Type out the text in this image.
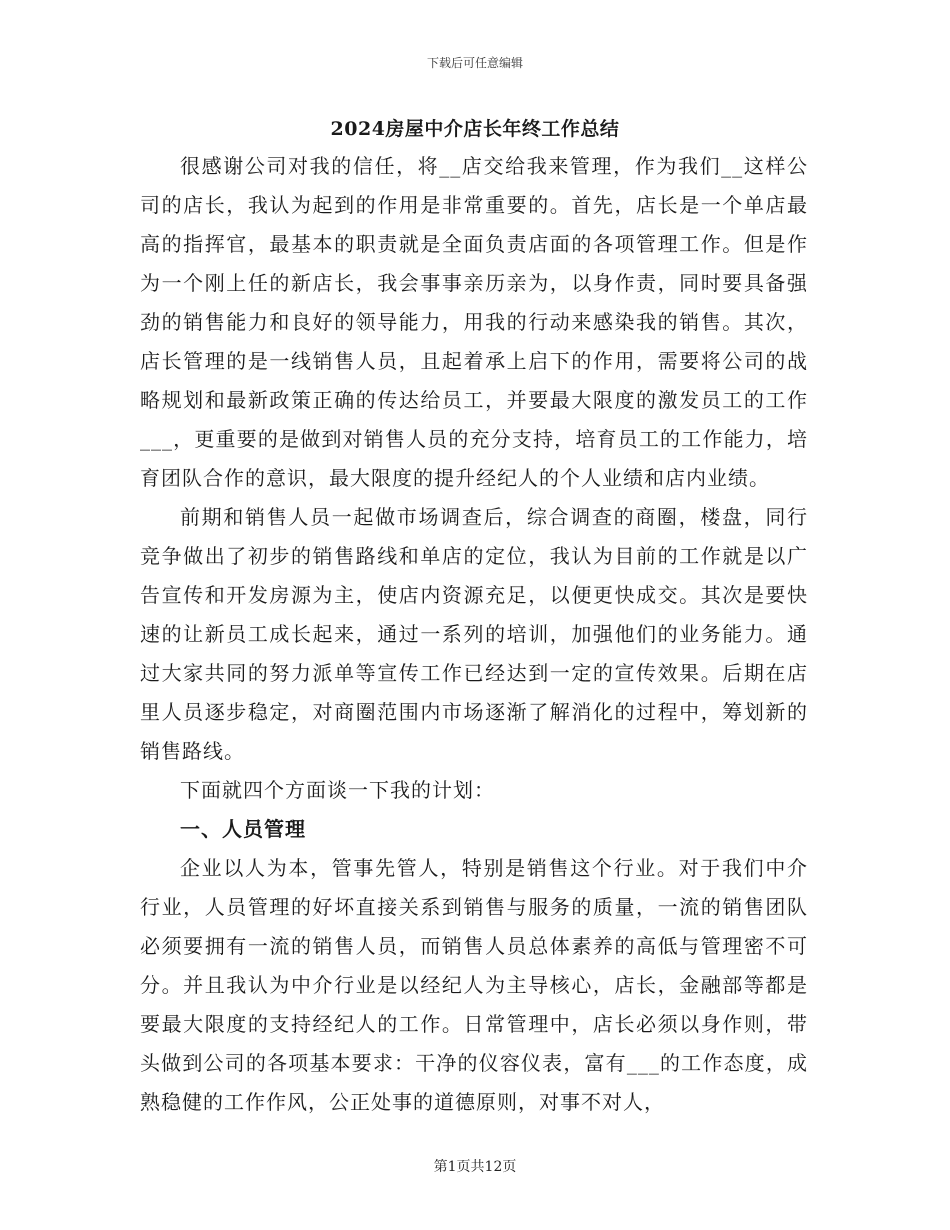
下载后可任意编辑
2024房屋中介店长年终工作总结

很感谢公司对我的信任，将__店交给我来管理，作为我们__这样公司的店长，我认为起到的作用是非常重要的。首先，店长是一个单店最高的指挥官，最基本的职责就是全面负责店面的各项管理工作。但是作为一个刚上任的新店长，我会事事亲历亲为，以身作责，同时要具备强劲的销售能力和良好的领导能力，用我的行动来感染我的销售。其次，店长管理的是一线销售人员，且起着承上启下的作用，需要将公司的战略规划和最新政策正确的传达给员工，并要最大限度的激发员工的工作___，更重要的是做到对销售人员的充分支持，培育员工的工作能力，培育团队合作的意识，最大限度的提升经纪人的个人业绩和店内业绩。

前期和销售人员一起做市场调查后，综合调查的商圈，楼盘，同行竞争做出了初步的销售路线和单店的定位，我认为目前的工作就是以广告宣传和开发房源为主，使店内资源充足，以便更快成交。其次是要快速的让新员工成长起来，通过一系列的培训，加强他们的业务能力。通过大家共同的努力派单等宣传工作已经达到一定的宣传效果。后期在店里人员逐步稳定，对商圈范围内市场逐渐了解消化的过程中，筹划新的销售路线。

下面就四个方面谈一下我的计划：

一、人员管理

企业以人为本，管事先管人，特别是销售这个行业。对于我们中介行业，人员管理的好坏直接关系到销售与服务的质量，一流的销售团队必须要拥有一流的销售人员，而销售人员总体素养的高低与管理密不可分。并且我认为中介行业是以经纪人为主导核心，店长，金融部等都是要最大限度的支持经纪人的工作。日常管理中，店长必须以身作则，带头做到公司的各项基本要求：干净的仪容仪表，富有___的工作态度，成熟稳健的工作作风，公正处事的道德原则，对事不对人，

第1页共12页
